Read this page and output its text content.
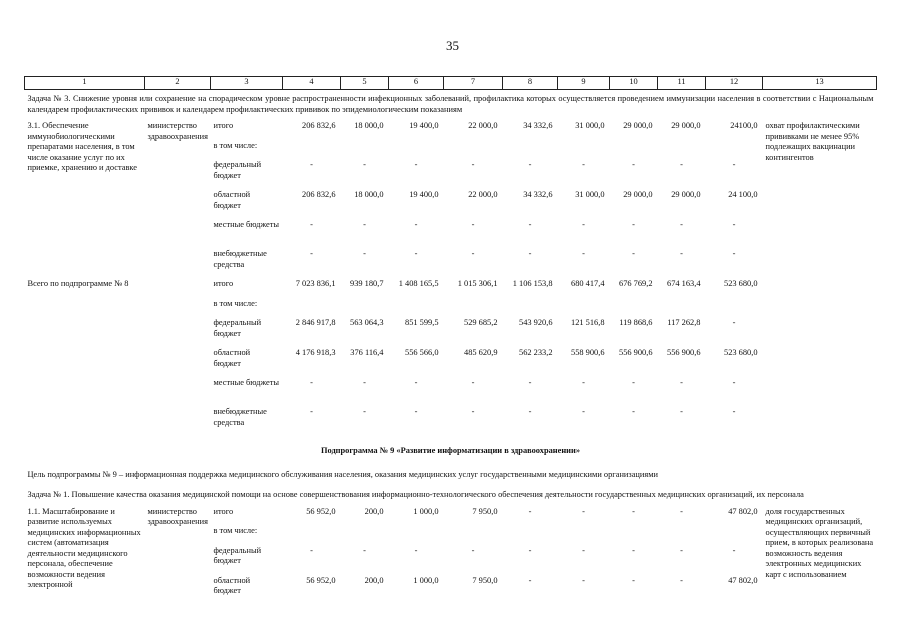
35
1	2	3	4	5	6	7	8	9	10	11	12	13
Задача № 3. Снижение уровня или сохранение на спорадическом уровне распространенности инфекционных заболеваний, профилактика которых осуществляется проведением иммунизации населения в соответствии с Национальным календарем профилактических прививок и календарем профилактических прививок по эпидемиологическим показаниям												
3.1. Обеспечение иммунобиологическими препаратами населения, в том числе оказание услуг по их приемке, хранению и доставке	министерство здравоохранения	итого	206 832,6	18 000,0	19 400,0	22 000,0	34 332,6	31 000,0	29 000,0	29 000,0	24100,0	охват профилактическими прививками не менее 95% подлежащих вакцинации контингентов
		в том числе:										
		федеральный бюджет	-	-	-	-	-	-	-	-	-	
		областной бюджет	206 832,6	18 000,0	19 400,0	22 000,0	34 332,6	31 000,0	29 000,0	29 000,0	24 100,0	
		местные бюджеты	-	-	-	-	-	-	-	-	-	
		внебюджетные средства	-	-	-	-	-	-	-	-	-	
Всего по подпрограмме № 8		итого	7 023 836,1	939 180,7	1 408 165,5	1 015 306,1	1 106 153,8	680 417,4	676 769,2	674 163,4	523 680,0	
		в том числе:										
		федеральный бюджет	2 846 917,8	563 064,3	851 599,5	529 685,2	543 920,6	121 516,8	119 868,6	117 262,8	-	
		областной бюджет	4 176 918,3	376 116,4	556 566,0	485 620,9	562 233,2	558 900,6	556 900,6	556 900,6	523 680,0	
		местные бюджеты	-	-	-	-	-	-	-	-	-	
		внебюджетные средства	-	-	-	-	-	-	-	-	-	
Подпрограмма № 9 «Развитие информатизации в здравоохранении»												
Цель подпрограммы № 9 – информационная поддержка медицинского обслуживания населения, оказания медицинских услуг государственными медицинскими организациями												
Задача № 1. Повышение качества оказания медицинской помощи на основе совершенствования информационно-технологического обеспечения деятельности государственных медицинских организаций, их персонала												
1.1. Масштабирование и развитие используемых медицинских информационных систем (автоматизация деятельности медицинского персонала, обеспечение возможности ведения электронной	министерство здравоохранения	итого	56 952,0	200,0	1 000,0	7 950,0	-	-	-	-	47 802,0	доля государственных медицинских организаций, осуществляющих первичный прием, в которых реализована возможность ведения электронных медицинских карт с использованием
		в том числе:										
		федеральный бюджет	-	-	-	-	-	-	-	-	-	
		областной бюджет	56 952,0	200,0	1 000,0	7 950,0	-	-	-	-	47 802,0	
